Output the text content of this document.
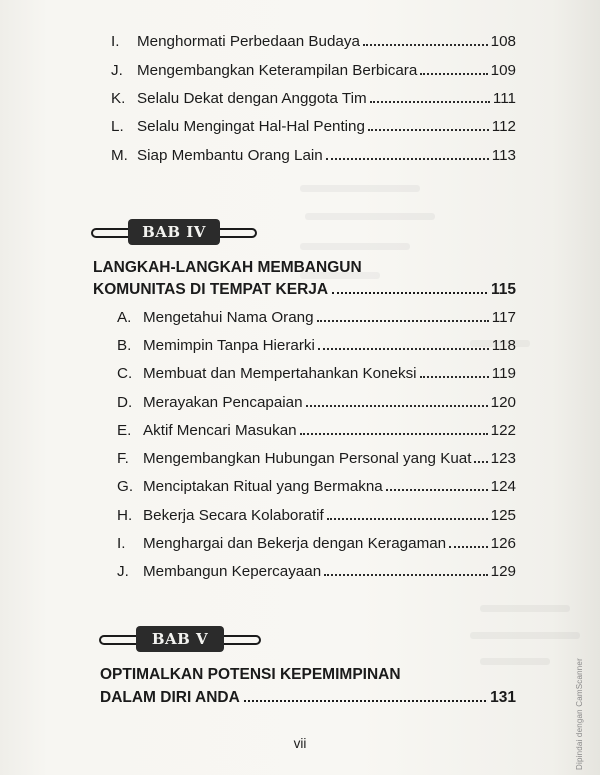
I.	Menghormati Perbedaan Budaya	108
J. Mengembangkan Keterampilan Berbicara	109
K. Selalu Dekat dengan Anggota Tim	111
L. Selalu Mengingat Hal-Hal Penting	112
M. Siap Membantu Orang Lain	113
BAB IV
LANGKAH-LANGKAH MEMBANGUN
KOMUNITAS DI TEMPAT KERJA	115
A. Mengetahui Nama Orang	117
B. Memimpin Tanpa Hierarki	118
C. Membuat dan Mempertahankan Koneksi	119
D. Merayakan Pencapaian	120
E. Aktif Mencari Masukan	122
F. Mengembangkan Hubungan Personal yang Kuat 123
G. Menciptakan Ritual yang Bermakna	124
H. Bekerja Secara Kolaboratif	125
I.	Menghargai dan Bekerja dengan Keragaman	126
J. Membangun Kepercayaan	129
BAB V
OPTIMALKAN POTENSI KEPEMIMPINAN
DALAM DIRI ANDA	131
vii	Dipindai dengan CamScanner
